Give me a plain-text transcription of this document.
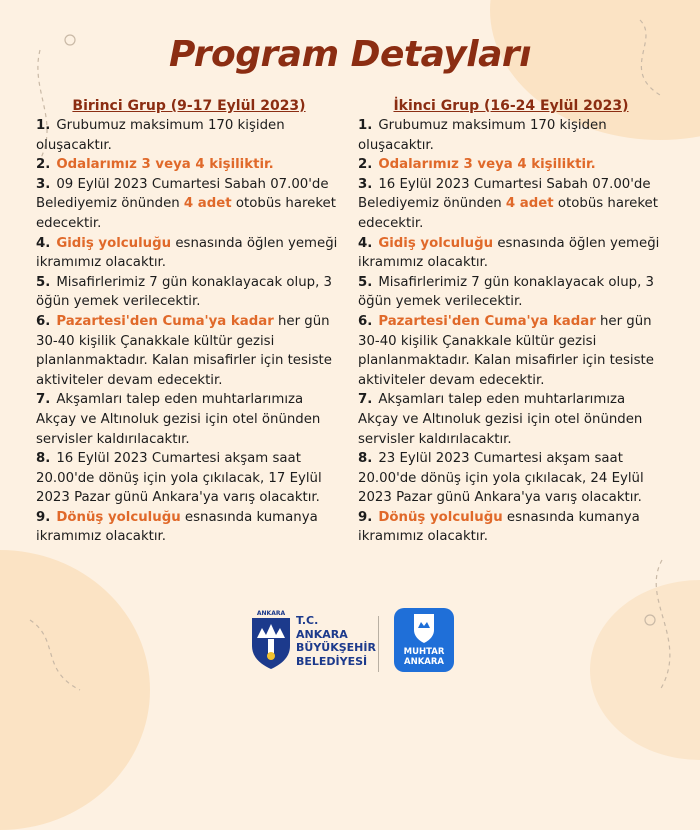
Program Detayları
Birinci Grup (9-17 Eylül 2023)
1. Grubumuz maksimum 170 kişiden oluşacaktır.
2. Odalarımız 3 veya 4 kişiliktir.
3. 09 Eylül 2023 Cumartesi Sabah 07.00'de Belediyemiz önünden 4 adet otobüs hareket edecektir.
4. Gidiş yolculuğu esnasında öğlen yemeği ikramımız olacaktır.
5. Misafirlerimiz 7 gün konaklayacak olup, 3 öğün yemek verilecektir.
6. Pazartesi'den Cuma'ya kadar her gün 30-40 kişilik Çanakkale kültür gezisi planlanmaktadır. Kalan misafirler için tesiste aktiviteler devam edecektir.
7. Akşamları talep eden muhtarlarımıza Akçay ve Altınoluk gezisi için otel önünden servisler kaldırılacaktır.
8. 16 Eylül 2023 Cumartesi akşam saat 20.00'de dönüş için yola çıkılacak, 17 Eylül 2023 Pazar günü Ankara'ya varış olacaktır.
9. Dönüş yolculuğu esnasında kumanya ikramımız olacaktır.
İkinci Grup (16-24 Eylül 2023)
1. Grubumuz maksimum 170 kişiden oluşacaktır.
2. Odalarımız 3 veya 4 kişiliktir.
3. 16 Eylül 2023 Cumartesi Sabah 07.00'de Belediyemiz önünden 4 adet otobüs hareket edecektir.
4. Gidiş yolculuğu esnasında öğlen yemeği ikramımız olacaktır.
5. Misafirlerimiz 7 gün konaklayacak olup, 3 öğün yemek verilecektir.
6. Pazartesi'den Cuma'ya kadar her gün 30-40 kişilik Çanakkale kültür gezisi planlanmaktadır. Kalan misafirler için tesiste aktiviteler devam edecektir.
7. Akşamları talep eden muhtarlarımıza Akçay ve Altınoluk gezisi için otel önünden servisler kaldırılacaktır.
8. 23 Eylül 2023 Cumartesi akşam saat 20.00'de dönüş için yola çıkılacak, 24 Eylül 2023 Pazar günü Ankara'ya varış olacaktır.
9. Dönüş yolculuğu esnasında kumanya ikramımız olacaktır.
ANKARA
T.C.
ANKARA
BÜYÜKŞEHİR
BELEDİYESİ
MUHTAR
ANKARA
